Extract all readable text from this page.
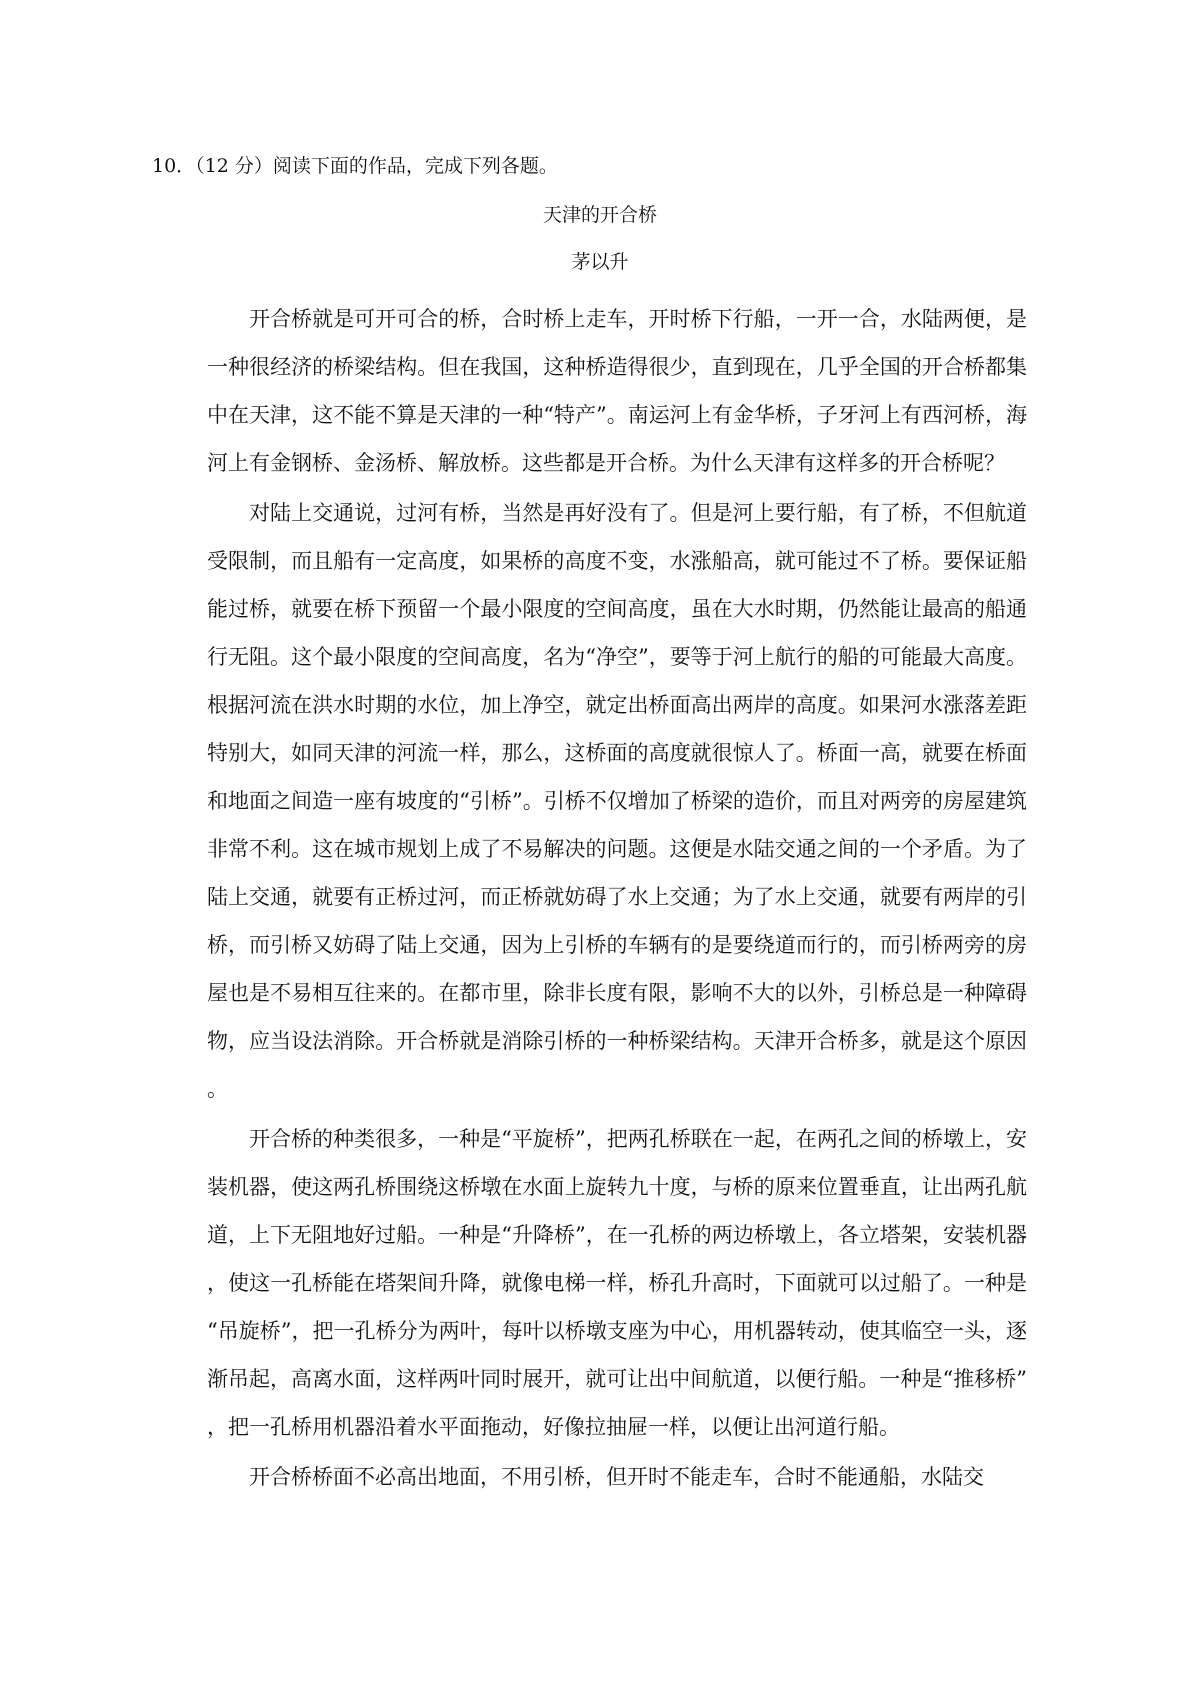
10．（12 分）阅读下面的作品，完成下列各题。
天津的开合桥
茅以升

开合桥就是可开可合的桥，合时桥上走车，开时桥下行船，一开一合，水陆两便，是一种很经济的桥梁结构。但在我国，这种桥造得很少，直到现在，几乎全国的开合桥都集中在天津，这不能不算是天津的一种“特产”。南运河上有金华桥，子牙河上有西河桥，海河上有金钢桥、金汤桥、解放桥。这些都是开合桥。为什么天津有这样多的开合桥呢？

对陆上交通说，过河有桥，当然是再好没有了。但是河上要行船，有了桥，不但航道受限制，而且船有一定高度，如果桥的高度不变，水涨船高，就可能过不了桥。要保证船能过桥，就要在桥下预留一个最小限度的空间高度，虽在大水时期，仍然能让最高的船通行无阻。这个最小限度的空间高度，名为“净空”，要等于河上航行的船的可能最大高度。根据河流在洪水时期的水位，加上净空，就定出桥面高出两岸的高度。如果河水涨落差距特别大，如同天津的河流一样，那么，这桥面的高度就很惊人了。桥面一高，就要在桥面和地面之间造一座有坡度的“引桥”。引桥不仅增加了桥梁的造价，而且对两旁的房屋建筑非常不利。这在城市规划上成了不易解决的问题。这便是水陆交通之间的一个矛盾。为了陆上交通，就要有正桥过河，而正桥就妨碍了水上交通；为了水上交通，就要有两岸的引桥，而引桥又妨碍了陆上交通，因为上引桥的车辆有的是要绕道而行的，而引桥两旁的房屋也是不易相互往来的。在都市里，除非长度有限，影响不大的以外，引桥总是一种障碍物，应当设法消除。开合桥就是消除引桥的一种桥梁结构。天津开合桥多，就是这个原因。

开合桥的种类很多，一种是“平旋桥”，把两孔桥联在一起，在两孔之间的桥墩上，安装机器，使这两孔桥围绕这桥墩在水面上旋转九十度，与桥的原来位置垂直，让出两孔航道，上下无阻地好过船。一种是“升降桥”，在一孔桥的两边桥墩上，各立塔架，安装机器，使这一孔桥能在塔架间升降，就像电梯一样，桥孔升高时，下面就可以过船了。一种是“吊旋桥”，把一孔桥分为两叶，每叶以桥墩支座为中心，用机器转动，使其临空一头，逐渐吊起，高离水面，这样两叶同时展开，就可让出中间航道，以便行船。一种是“推移桥”，把一孔桥用机器沿着水平面拖动，好像拉抽屉一样，以便让出河道行船。

开合桥桥面不必高出地面，不用引桥，但开时不能走车，合时不能通船，水陆交
